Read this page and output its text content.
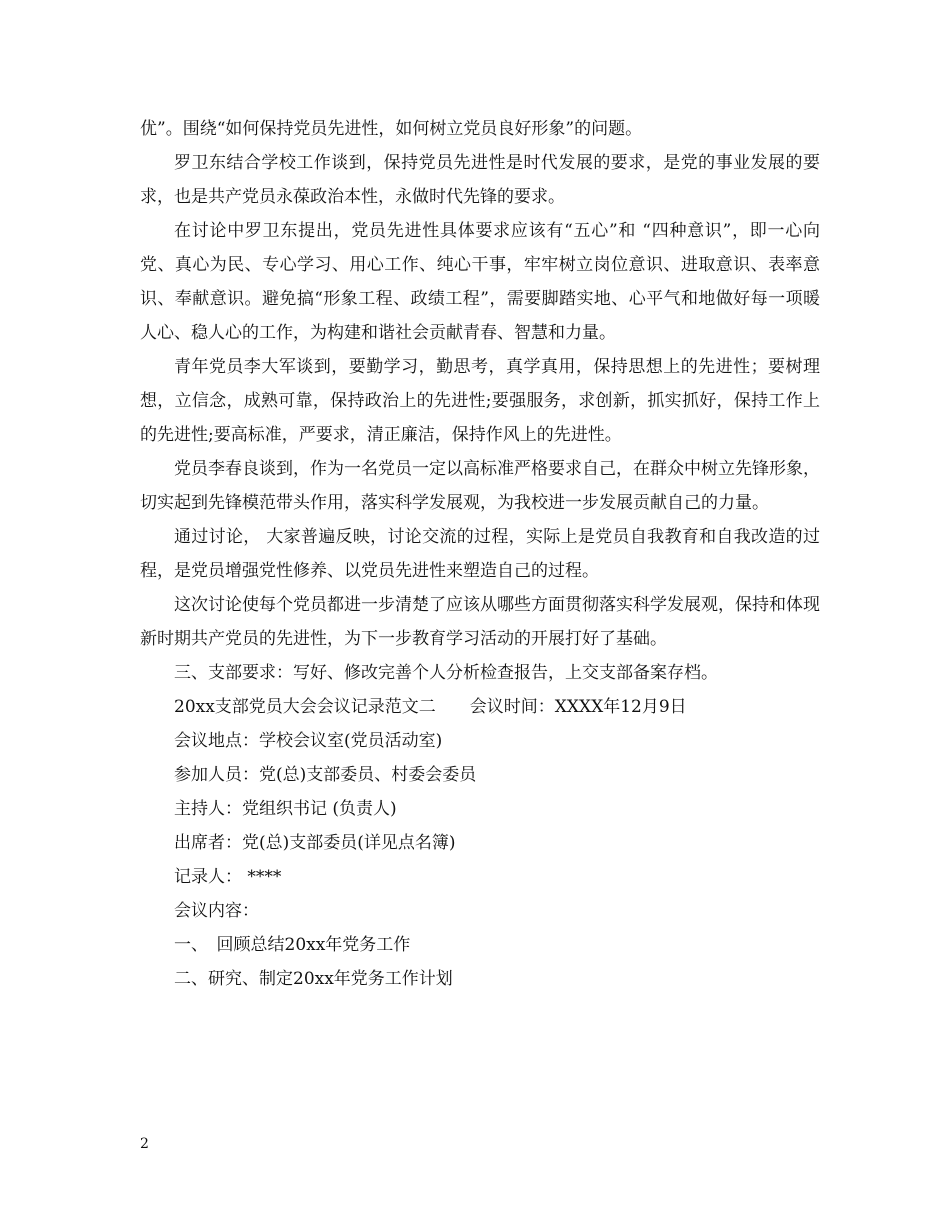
优”。围绕“如何保持党员先进性，如何树立党员良好形象”的问题。

罗卫东结合学校工作谈到，保持党员先进性是时代发展的要求，是党的事业发展的要求，也是共产党员永葆政治本性，永做时代先锋的要求。

在讨论中罗卫东提出，党员先进性具体要求应该有“五心”和 “四种意识”，即一心向党、真心为民、专心学习、用心工作、纯心干事，牢牢树立岗位意识、进取意识、表率意识、奉献意识。避免搞“形象工程、政绩工程”，需要脚踏实地、心平气和地做好每一项暖人心、稳人心的工作，为构建和谐社会贡献青春、智慧和力量。

青年党员李大军谈到，要勤学习，勤思考，真学真用，保持思想上的先进性；要树理想，立信念，成熟可靠，保持政治上的先进性;要强服务，求创新，抓实抓好，保持工作上的先进性;要高标准，严要求，清正廉洁，保持作风上的先进性。

党员李春良谈到，作为一名党员一定以高标准严格要求自己，在群众中树立先锋形象，切实起到先锋模范带头作用，落实科学发展观，为我校进一步发展贡献自己的力量。

通过讨论， 大家普遍反映，讨论交流的过程，实际上是党员自我教育和自我改造的过程，是党员增强党性修养、以党员先进性来塑造自己的过程。

这次讨论使每个党员都进一步清楚了应该从哪些方面贯彻落实科学发展观，保持和体现新时期共产党员的先进性，为下一步教育学习活动的开展打好了基础。

三、支部要求：写好、修改完善个人分析检查报告，上交支部备案存档。

20xx支部党员大会会议记录范文二　　会议时间：XXXX年12月9日

会议地点：学校会议室(党员活动室)

参加人员：党(总)支部委员、村委会委员

主持人：党组织书记 (负责人)

出席者：党(总)支部委员(详见点名簿)

记录人： ****

会议内容：

一、　回顾总结20xx年党务工作

二、研究、制定20xx年党务工作计划

2
